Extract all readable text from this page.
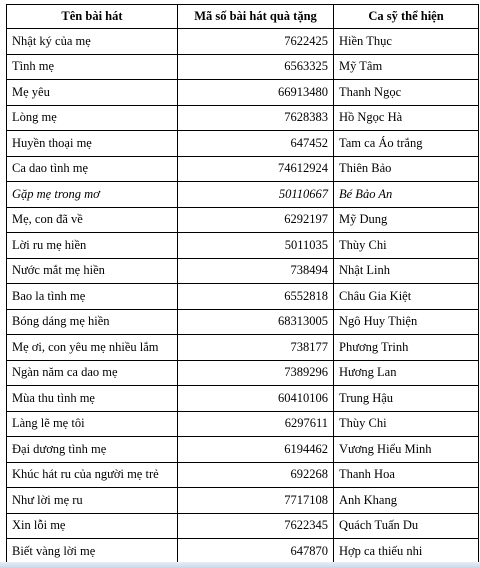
Tên bài hát	Mã số bài hát quà tặng	Ca sỹ thể hiện
Nhật ký của mẹ	7622425	Hiền Thục
Tình mẹ	6563325	Mỹ Tâm
Mẹ yêu	66913480	Thanh Ngọc
Lòng mẹ	7628383	Hồ Ngọc Hà
Huyền thoại mẹ	647452	Tam ca Áo trắng
Ca dao tình mẹ	74612924	Thiên Bảo
Gặp mẹ trong mơ	50110667	Bé Bảo An
Mẹ, con đã về	6292197	Mỹ Dung
Lời ru mẹ hiền	5011035	Thùy Chi
Nước mắt mẹ hiền	738494	Nhật Linh
Bao la tình mẹ	6552818	Châu Gia Kiệt
Bóng dáng mẹ hiền	68313005	Ngô Huy Thiện
Mẹ ơi, con yêu mẹ nhiều lắm	738177	Phương Trinh
Ngàn năm ca dao mẹ	7389296	Hương Lan
Mùa thu tình mẹ	60410106	Trung Hậu
Làng lẽ mẹ tôi	6297611	Thùy Chi
Đại dương tình mẹ	6194462	Vương Hiểu Minh
Khúc hát ru của người mẹ trẻ	692268	Thanh Hoa
Như lời mẹ ru	7717108	Anh Khang
Xin lỗi mẹ	7622345	Quách Tuấn Du
Biết vàng lời mẹ	647870	Hợp ca thiếu nhi
